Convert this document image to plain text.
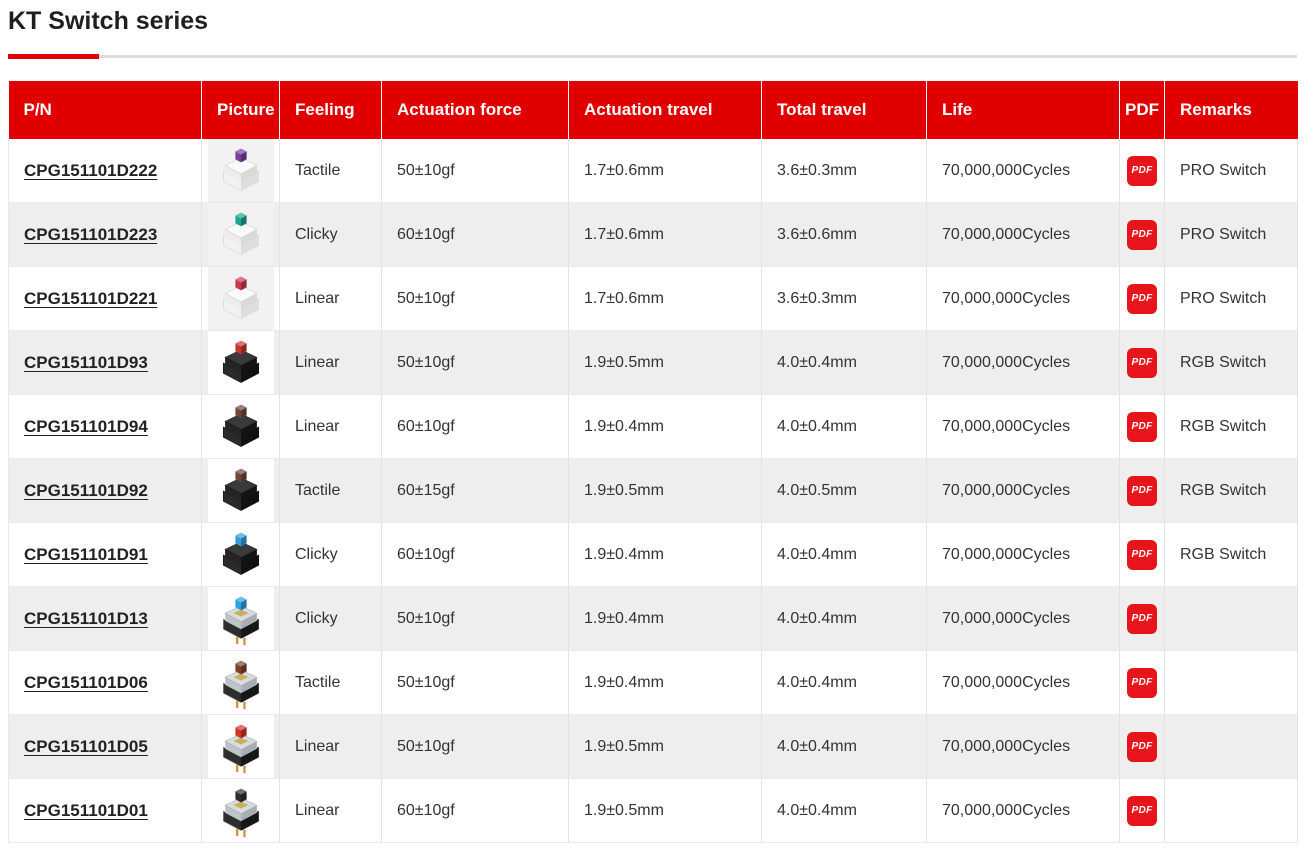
KT Switch series
P/N	Picture	Feeling	Actuation force	Actuation travel	Total travel	Life	PDF	Remarks
CPG151101D222		Tactile	50±10gf	1.7±0.6mm	3.6±0.3mm	70,000,000Cycles	PDF	PRO Switch
CPG151101D223		Clicky	60±10gf	1.7±0.6mm	3.6±0.6mm	70,000,000Cycles	PDF	PRO Switch
CPG151101D221		Linear	50±10gf	1.7±0.6mm	3.6±0.3mm	70,000,000Cycles	PDF	PRO Switch
CPG151101D93		Linear	50±10gf	1.9±0.5mm	4.0±0.4mm	70,000,000Cycles	PDF	RGB Switch
CPG151101D94		Linear	60±10gf	1.9±0.4mm	4.0±0.4mm	70,000,000Cycles	PDF	RGB Switch
CPG151101D92		Tactile	60±15gf	1.9±0.5mm	4.0±0.5mm	70,000,000Cycles	PDF	RGB Switch
CPG151101D91		Clicky	60±10gf	1.9±0.4mm	4.0±0.4mm	70,000,000Cycles	PDF	RGB Switch
CPG151101D13		Clicky	50±10gf	1.9±0.4mm	4.0±0.4mm	70,000,000Cycles	PDF	
CPG151101D06		Tactile	50±10gf	1.9±0.4mm	4.0±0.4mm	70,000,000Cycles	PDF	
CPG151101D05		Linear	50±10gf	1.9±0.5mm	4.0±0.4mm	70,000,000Cycles	PDF	
CPG151101D01		Linear	60±10gf	1.9±0.5mm	4.0±0.4mm	70,000,000Cycles	PDF	
